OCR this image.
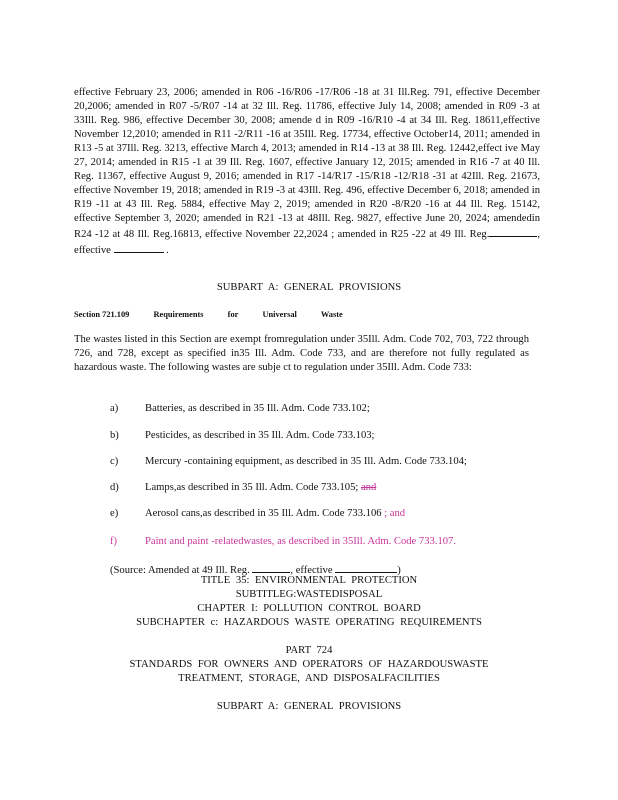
effective February 23, 2006; amended in R06 -16/R06 -17/R06 -18 at 31 Ill.Reg. 791, effective December 20,2006; amended in R07 -5/R07 -14 at 32 Ill. Reg. 11786, effective July 14, 2008; amended in R09 -3 at 33Ill. Reg. 986, effective December 30, 2008; amende d in R09 -16/R10 -4 at 34 Ill. Reg. 18611,effective November 12,2010; amended in R11 -2/R11 -16 at 35Ill. Reg. 17734, effective October14, 2011; amended in R13 -5 at 37Ill. Reg. 3213, effective March 4, 2013; amended in R14 -13 at 38 Ill. Reg. 12442,effect ive May 27, 2014; amended in R15 -1 at 39 Ill. Reg. 1607, effective January 12, 2015; amended in R16 -7 at 40 Ill. Reg. 11367, effective August 9, 2016; amended in R17 -14/R17 -15/R18 -12/R18 -31 at 42Ill. Reg. 21673, effective November 19, 2018; amended in R19 -3 at 43Ill. Reg. 496, effective December 6, 2018; amended in R19 -11 at 43 Ill. Reg. 5884, effective May 2, 2019; amended in R20 -8/R20 -16 at 44 Ill. Reg. 15142, effective September 3, 2020; amended in R21 -13 at 48Ill. Reg. 9827, effective June 20, 2024; amendedin R24 -12 at 48 Ill. Reg.16813, effective November 22,2024 ; amended in R25 -22 at 49 Ill. Reg.	, effective	.

SUBPART A: GENERAL PROVISIONS
Section 721.109	Requirements	for	Universal	Waste

The wastes listed in this Section are exempt fromregulation under 35Ill. Adm. Code 702, 703, 722 through 726, and 728, except as specified in35 Ill. Adm. Code 733, and are therefore not fully regulated as hazardous waste. The following wastes are subje ct to regulation under 35Ill. Adm. Code 733:

a)	Batteries, as described in 35 Ill. Adm. Code 733.102;
b) Pesticides, as described in 35 Ill. Adm. Code 733.103;
c)	Mercury -containing equipment, as described in 35 Ill. Adm. Code 733.104;
d) Lamps,as described in 35 Ill. Adm. Code 733.105; and
e)	Aerosol cans,as described in 35 Ill. Adm. Code 733.106 ; and
f)	Paint and paint -relatedwastes, as described in 35Ill. Adm. Code 733.107.
(Source: Amended at 49 Ill. Reg.	, effective	)
TITLE 35: ENVIRONMENTAL PROTECTION
SUBTITLEG:WASTEDISPOSAL
CHAPTER I: POLLUTION CONTROL BOARD
SUBCHAPTER c: HAZARDOUS WASTE OPERATING REQUIREMENTS
PART 724
STANDARDS FOR OWNERS AND OPERATORS OF HAZARDOUSWASTE
TREATMENT, STORAGE, AND DISPOSALFACILITIES
SUBPART A: GENERAL PROVISIONS
